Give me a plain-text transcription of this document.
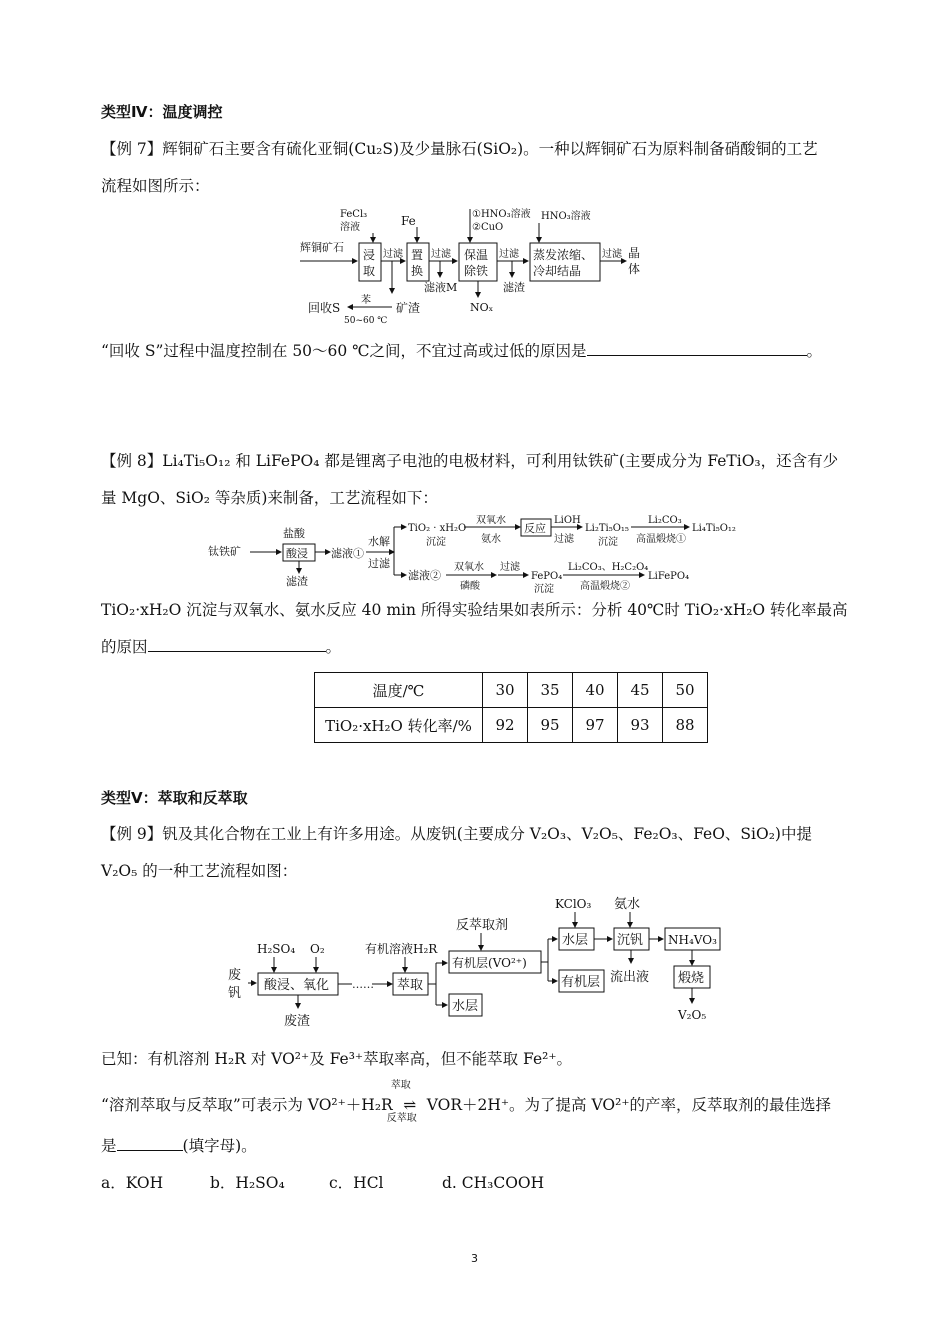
类型Ⅳ：温度调控
【例 7】辉铜矿石主要含有硫化亚铜(Cu₂S)及少量脉石(SiO₂)。一种以辉铜矿石为原料制备硝酸铜的工艺
流程如图所示：
辉铜矿石
FeCl₃
溶液
浸
取
过滤
Fe
置
换
过滤
滤液M
①HNO₃溶液
②CuO
保温
除铁
过滤
NOₓ
滤渣
HNO₃溶液
蒸发浓缩、
冷却结晶
过滤 晶
体
回收S
苯
50~60 ℃
矿渣
“回收 S”过程中温度控制在 50～60 ℃之间，不宜过高或过低的原因是	。
【例 8】Li₄Ti₅O₁₂ 和 LiFePO₄ 都是锂离子电池的电极材料，可利用钛铁矿(主要成分为 FeTiO₃，还含有少
量 MgO、SiO₂ 等杂质)来制备，工艺流程如下：
钛铁矿
盐酸
酸浸
滤渣
滤液①
水解
过滤
TiO₂ · xH₂O
沉淀
双氧水
氨水
反应
LiOH
过滤
Li₂Ti₅O₁₅
沉淀
Li₂CO₃
高温煅烧①
Li₄Ti₅O₁₂
滤液②
双氧水
磷酸
过滤
FePO₄
沉淀
Li₂CO₃、H₂C₂O₄
高温煅烧②
LiFePO₄
TiO₂·xH₂O 沉淀与双氧水、氨水反应 40 min 所得实验结果如表所示：分析 40℃时 TiO₂·xH₂O 转化率最高
的原因	。
温度/℃	30	35	40	45	50
TiO₂·xH₂O 转化率/%	92	95	97	93	88
类型Ⅴ：萃取和反萃取
【例 9】钒及其化合物在工业上有许多用途。从废钒(主要成分 V₂O₃、V₂O₅、Fe₂O₃、FeO、SiO₂)中提
V₂O₅ 的一种工艺流程如图：
废
钒
H₂SO₄ O₂
酸浸、氧化
废渣
……
有机溶液H₂R
萃取
反萃取剂
有机层(VO²⁺)
水层
KClO₃ 氨水
水层 沉钒 NH₄VO₃
有机层 流出液 煅烧
V₂O₅
已知：有机溶剂 H₂R 对 VO²⁺及 Fe³⁺萃取率高，但不能萃取 Fe²⁺。
“溶剂萃取与反萃取”可表示为 VO²⁺＋H₂R
萃取
⇌
反萃取
VOR＋2H⁺。为了提高 VO²⁺的产率，反萃取剂的最佳选择
是	(填字母)。
a．KOH	b．H₂SO₄	c．HCl	d. CH₃COOH
3
